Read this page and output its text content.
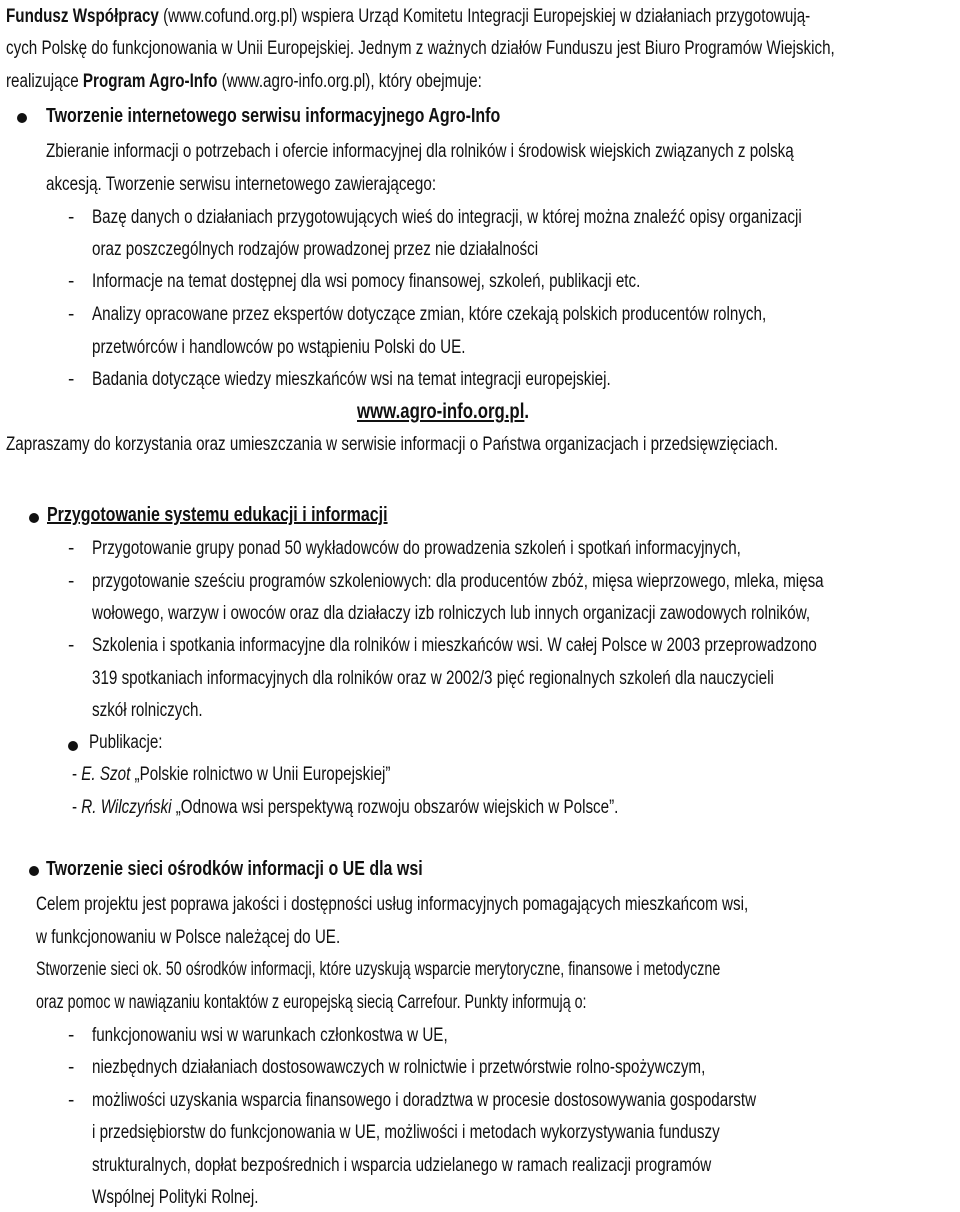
Fundusz Współpracy (www.cofund.org.pl) wspiera Urząd Komitetu Integracji Europejskiej w działaniach przygotowują-
cych Polskę do funkcjonowania w Unii Europejskiej. Jednym z ważnych działów Funduszu jest Biuro Programów Wiejskich,
realizujące Program Agro-Info (www.agro-info.org.pl), który obejmuje:
Tworzenie internetowego serwisu informacyjnego Agro-Info
Zbieranie informacji o potrzebach i ofercie informacyjnej dla rolników i środowisk wiejskich związanych z polską
akcesją. Tworzenie serwisu internetowego zawierającego:
- Bazę danych o działaniach przygotowujących wieś do integracji, w której można znaleźć opisy organizacji
oraz poszczególnych rodzajów prowadzonej przez nie działalności
- Informacje na temat dostępnej dla wsi pomocy finansowej, szkoleń, publikacji etc.
- Analizy opracowane przez ekspertów dotyczące zmian, które czekają polskich producentów rolnych,
przetwórców i handlowców po wstąpieniu Polski do UE.
- Badania dotyczące wiedzy mieszkańców wsi na temat integracji europejskiej.
www.agro-info.org.pl.
Zapraszamy do korzystania oraz umieszczania w serwisie informacji o Państwa organizacjach i przedsięwzięciach.
Przygotowanie systemu edukacji i informacji
- Przygotowanie grupy ponad 50 wykładowców do prowadzenia szkoleń i spotkań informacyjnych,
- przygotowanie sześciu programów szkoleniowych: dla producentów zbóż, mięsa wieprzowego, mleka, mięsa
wołowego, warzyw i owoców oraz dla działaczy izb rolniczych lub innych organizacji zawodowych rolników,
- Szkolenia i spotkania informacyjne dla rolników i mieszkańców wsi. W całej Polsce w 2003 przeprowadzono
319 spotkaniach informacyjnych dla rolników oraz w 2002/3 pięć regionalnych szkoleń dla nauczycieli
szkół rolniczych.
Publikacje:
- E. Szot „Polskie rolnictwo w Unii Europejskiej”
- R. Wilczyński „Odnowa wsi perspektywą rozwoju obszarów wiejskich w Polsce”.
Tworzenie sieci ośrodków informacji o UE dla wsi
Celem projektu jest poprawa jakości i dostępności usług informacyjnych pomagających mieszkańcom wsi,
w funkcjonowaniu w Polsce należącej do UE.
Stworzenie sieci ok. 50 ośrodków informacji, które uzyskują wsparcie merytoryczne, finansowe i metodyczne
oraz pomoc w nawiązaniu kontaktów z europejską siecią Carrefour. Punkty informują o:
- funkcjonowaniu wsi w warunkach członkostwa w UE,
- niezbędnych działaniach dostosowawczych w rolnictwie i przetwórstwie rolno-spożywczym,
- możliwości uzyskania wsparcia finansowego i doradztwa w procesie dostosowywania gospodarstw
i przedsiębiorstw do funkcjonowania w UE, możliwości i metodach wykorzystywania funduszy
strukturalnych, dopłat bezpośrednich i wsparcia udzielanego w ramach realizacji programów
Wspólnej Polityki Rolnej.
